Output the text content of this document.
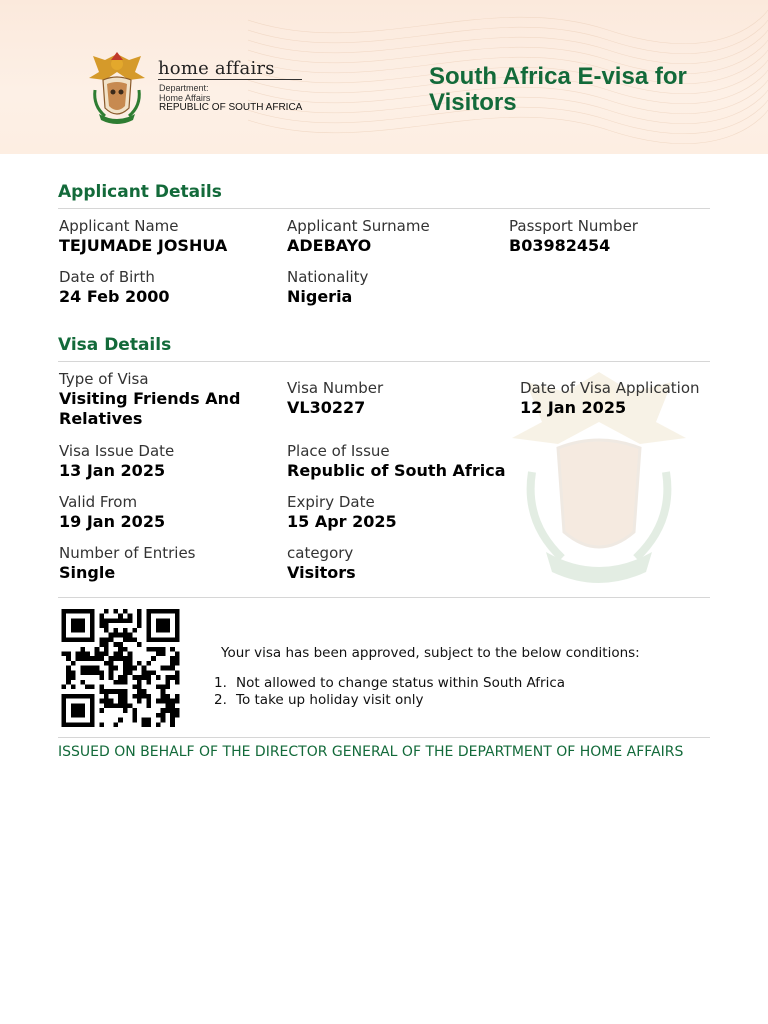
home affairs
Department:
Home Affairs
REPUBLIC OF SOUTH AFRICA
South Africa E-visa for Visitors
Applicant Details
Applicant Name
TEJUMADE JOSHUA
Applicant Surname
ADEBAYO
Passport Number
B03982454
Date of Birth
24 Feb 2000
Nationality
Nigeria
Visa Details
Type of Visa
Visiting Friends And Relatives
Visa Number
VL30227
Date of Visa Application
12 Jan 2025
Visa Issue Date
13 Jan 2025
Place of Issue
Republic of South Africa
Valid From
19 Jan 2025
Expiry Date
15 Apr 2025
Number of Entries
Single
category
Visitors
Your visa has been approved, subject to the below conditions:
1. Not allowed to change status within South Africa
2. To take up holiday visit only
ISSUED ON BEHALF OF THE DIRECTOR GENERAL OF THE DEPARTMENT OF HOME AFFAIRS
